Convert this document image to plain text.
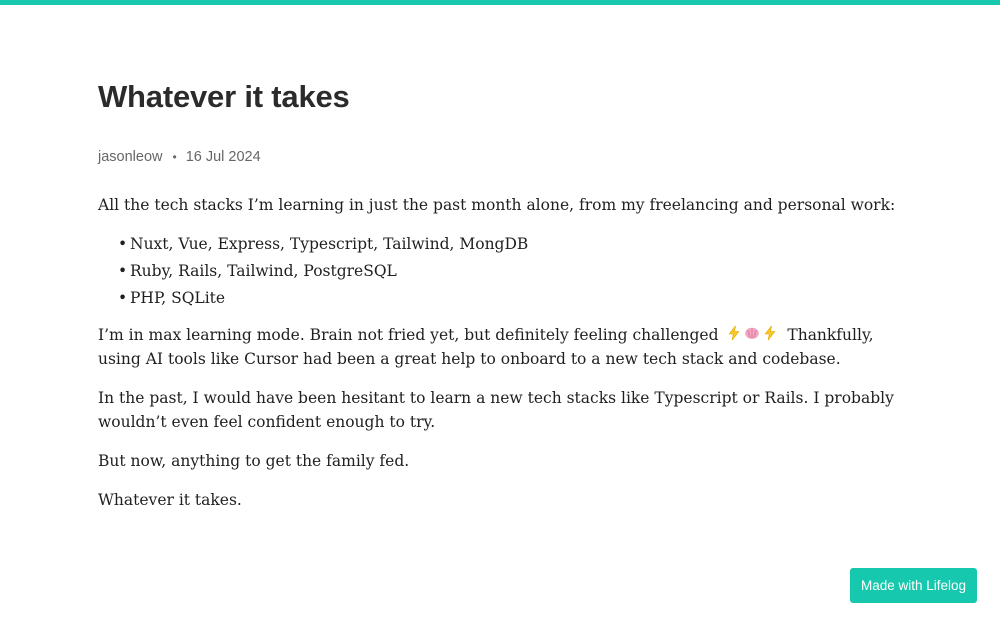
Whatever it takes
jasonleow • 16 Jul 2024

All the tech stacks I’m learning in just the past month alone, from my freelancing and personal work:

• Nuxt, Vue, Express, Typescript, Tailwind, MongDB
• Ruby, Rails, Tailwind, PostgreSQL
• PHP, SQLite

I’m in max learning mode. Brain not fried yet, but definitely feeling challenged	Thankfully, using AI tools like Cursor had been a great help to onboard to a new tech stack and codebase.

In the past, I would have been hesitant to learn a new tech stacks like Typescript or Rails. I probably wouldn’t even feel confident enough to try.

But now, anything to get the family fed.

Whatever it takes.

Made with Lifelog
